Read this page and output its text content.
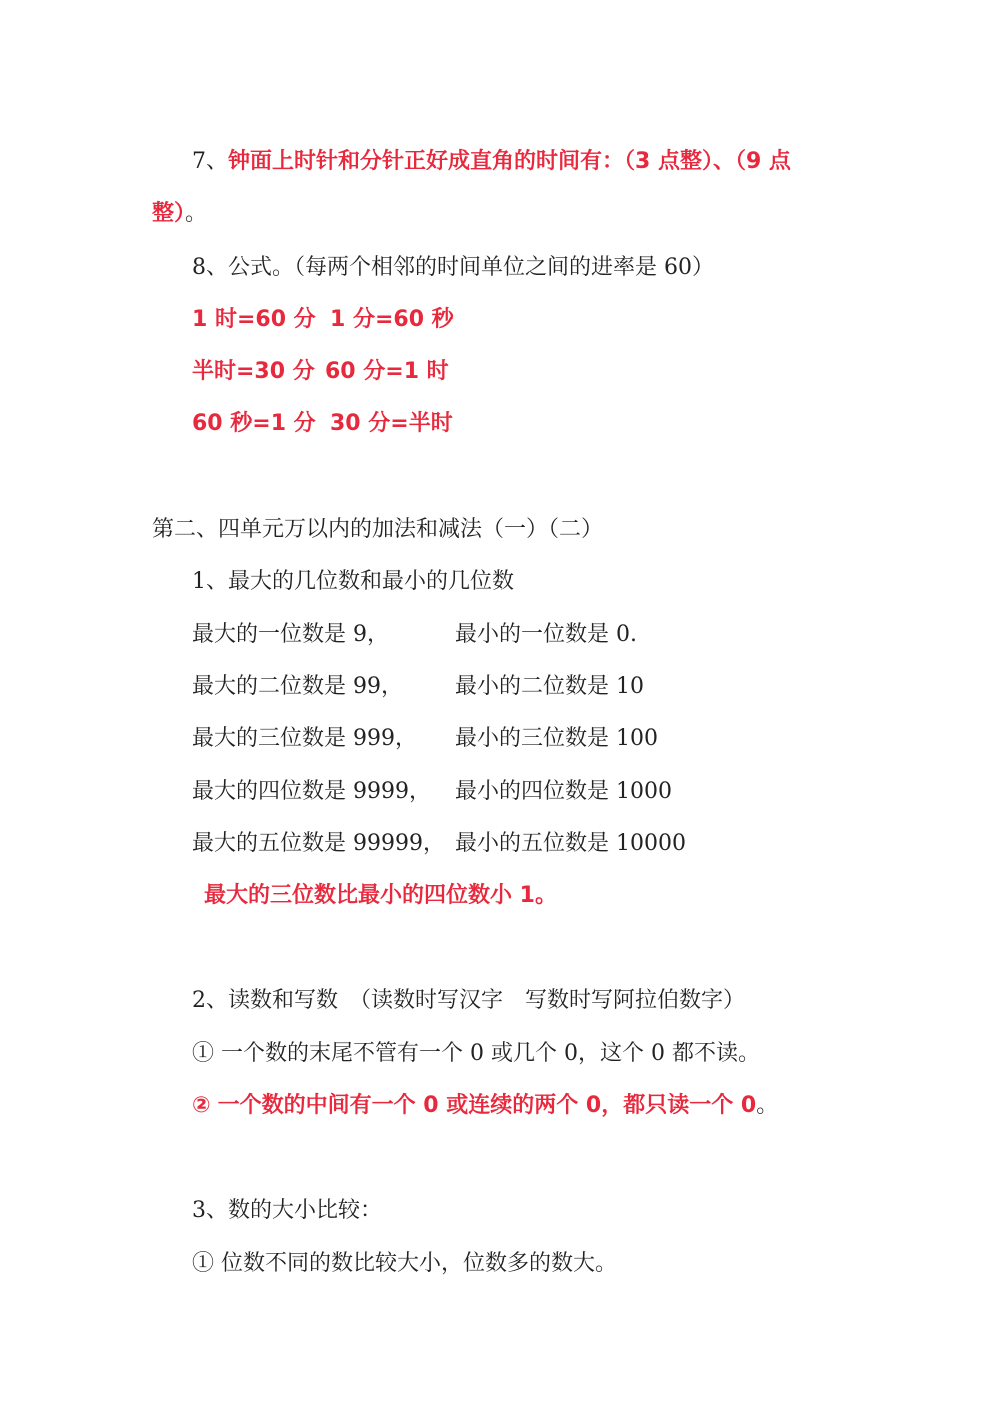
7、钟面上时针和分针正好成直角的时间有：（3 点整）、（9 点
整）。
8、公式。（每两个相邻的时间单位之间的进率是 60）
1 时=60 分 1 分=60 秒
半时=30 分 60 分=1 时
60 秒=1 分 30 分=半时
第二、四单元万以内的加法和减法（一）（二）
1、最大的几位数和最小的几位数
最大的一位数是 9，	最小的一位数是 0.
最大的二位数是 99， 最小的二位数是 10
最大的三位数是 999， 最小的三位数是 100
最大的四位数是 9999， 最小的四位数是 1000
最大的五位数是 99999， 最小的五位数是 10000
最大的三位数比最小的四位数小 1。
2、读数和写数　（读数时写汉字　写数时写阿拉伯数字）
① 一个数的末尾不管有一个 0 或几个 0，这个 0 都不读。
② 一个数的中间有一个 0 或连续的两个 0，都只读一个 0。
3、数的大小比较：
① 位数不同的数比较大小，位数多的数大。
